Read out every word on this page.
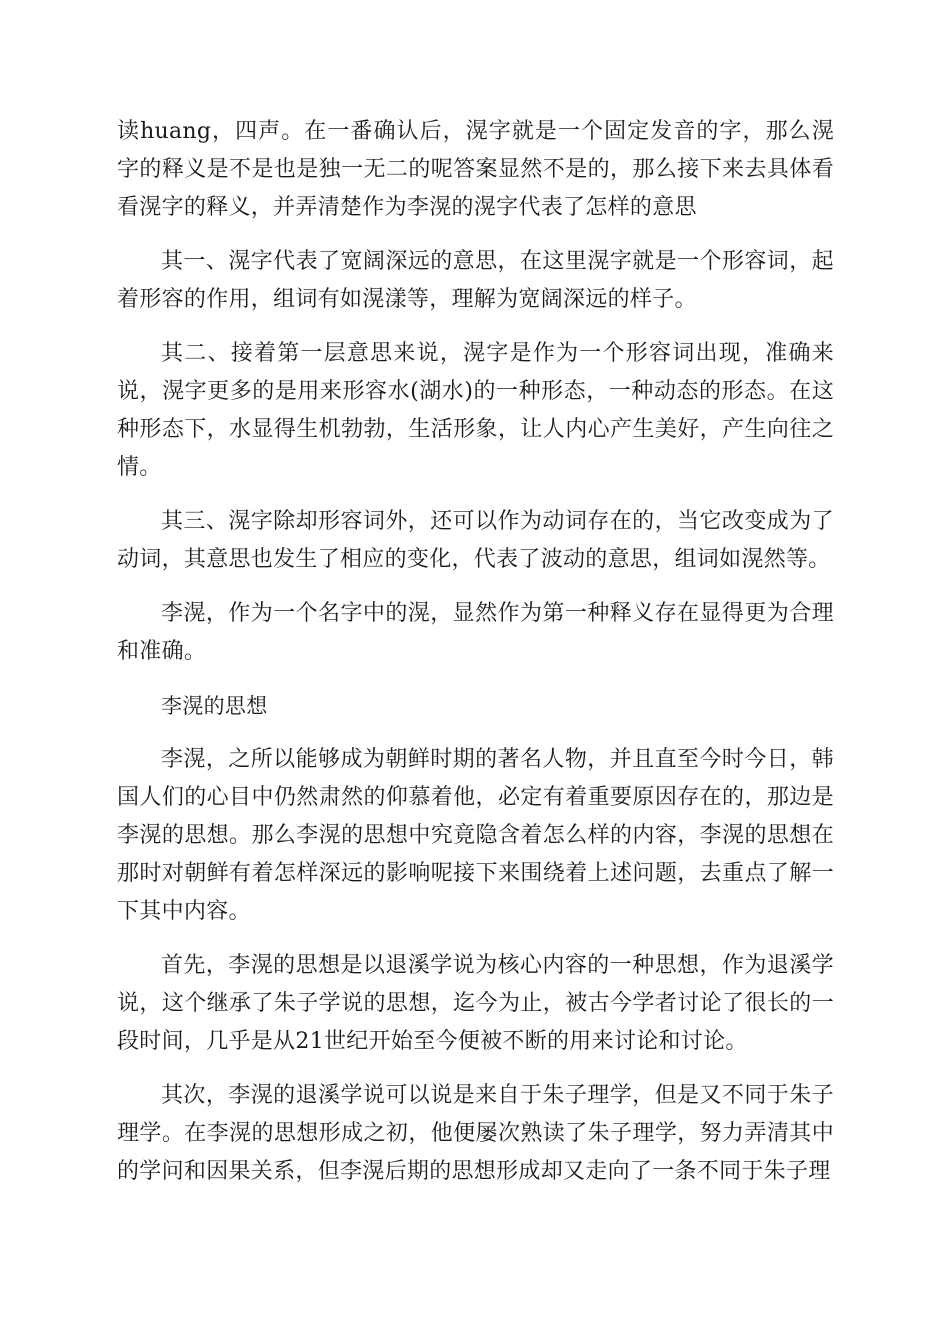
读huang，四声。在一番确认后，滉字就是一个固定发音的字，那么滉字的释义是不是也是独一无二的呢答案显然不是的，那么接下来去具体看看滉字的释义，并弄清楚作为李滉的滉字代表了怎样的意思

其一、滉字代表了宽阔深远的意思，在这里滉字就是一个形容词，起着形容的作用，组词有如滉漾等，理解为宽阔深远的样子。

其二、接着第一层意思来说，滉字是作为一个形容词出现，准确来说，滉字更多的是用来形容水(湖水)的一种形态，一种动态的形态。在这种形态下，水显得生机勃勃，生活形象，让人内心产生美好，产生向往之情。

其三、滉字除却形容词外，还可以作为动词存在的，当它改变成为了动词，其意思也发生了相应的变化，代表了波动的意思，组词如滉然等。

李滉，作为一个名字中的滉，显然作为第一种释义存在显得更为合理和准确。

李滉的思想

李滉，之所以能够成为朝鲜时期的著名人物，并且直至今时今日，韩国人们的心目中仍然肃然的仰慕着他，必定有着重要原因存在的，那边是李滉的思想。那么李滉的思想中究竟隐含着怎么样的内容，李滉的思想在那时对朝鲜有着怎样深远的影响呢接下来围绕着上述问题，去重点了解一下其中内容。

首先，李滉的思想是以退溪学说为核心内容的一种思想，作为退溪学说，这个继承了朱子学说的思想，迄今为止，被古今学者讨论了很长的一段时间，几乎是从21世纪开始至今便被不断的用来讨论和讨论。

其次，李滉的退溪学说可以说是来自于朱子理学，但是又不同于朱子理学。在李滉的思想形成之初，他便屡次熟读了朱子理学，努力弄清其中的学问和因果关系，但李滉后期的思想形成却又走向了一条不同于朱子理
